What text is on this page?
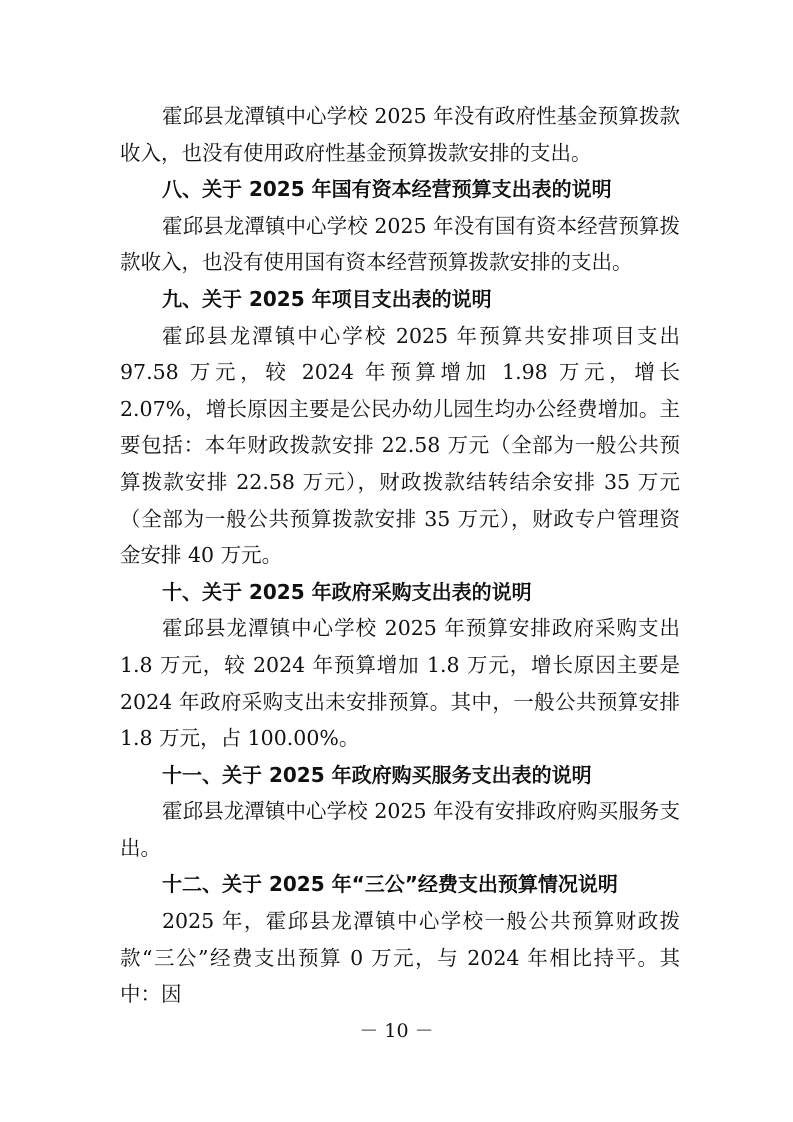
霍邱县龙潭镇中心学校 2025 年没有政府性基金预算拨款收入，也没有使用政府性基金预算拨款安排的支出。

八、关于 2025 年国有资本经营预算支出表的说明

霍邱县龙潭镇中心学校 2025 年没有国有资本经营预算拨款收入，也没有使用国有资本经营预算拨款安排的支出。

九、关于 2025 年项目支出表的说明

霍邱县龙潭镇中心学校 2025 年预算共安排项目支出 97.58 万元，较 2024 年预算增加 1.98 万元，增长 2.07%，增长原因主要是公民办幼儿园生均办公经费增加。主要包括：本年财政拨款安排 22.58 万元（全部为一般公共预算拨款安排 22.58 万元），财政拨款结转结余安排 35 万元（全部为一般公共预算拨款安排 35 万元），财政专户管理资金安排 40 万元。

十、关于 2025 年政府采购支出表的说明

霍邱县龙潭镇中心学校 2025 年预算安排政府采购支出 1.8 万元，较 2024 年预算增加 1.8 万元，增长原因主要是 2024 年政府采购支出未安排预算。其中，一般公共预算安排 1.8 万元，占 100.00%。

十一、关于 2025 年政府购买服务支出表的说明

霍邱县龙潭镇中心学校 2025 年没有安排政府购买服务支出。

十二、关于 2025 年“三公”经费支出预算情况说明

2025 年，霍邱县龙潭镇中心学校一般公共预算财政拨款“三公”经费支出预算 0 万元，与 2024 年相比持平。其中：因

－ 10 －
